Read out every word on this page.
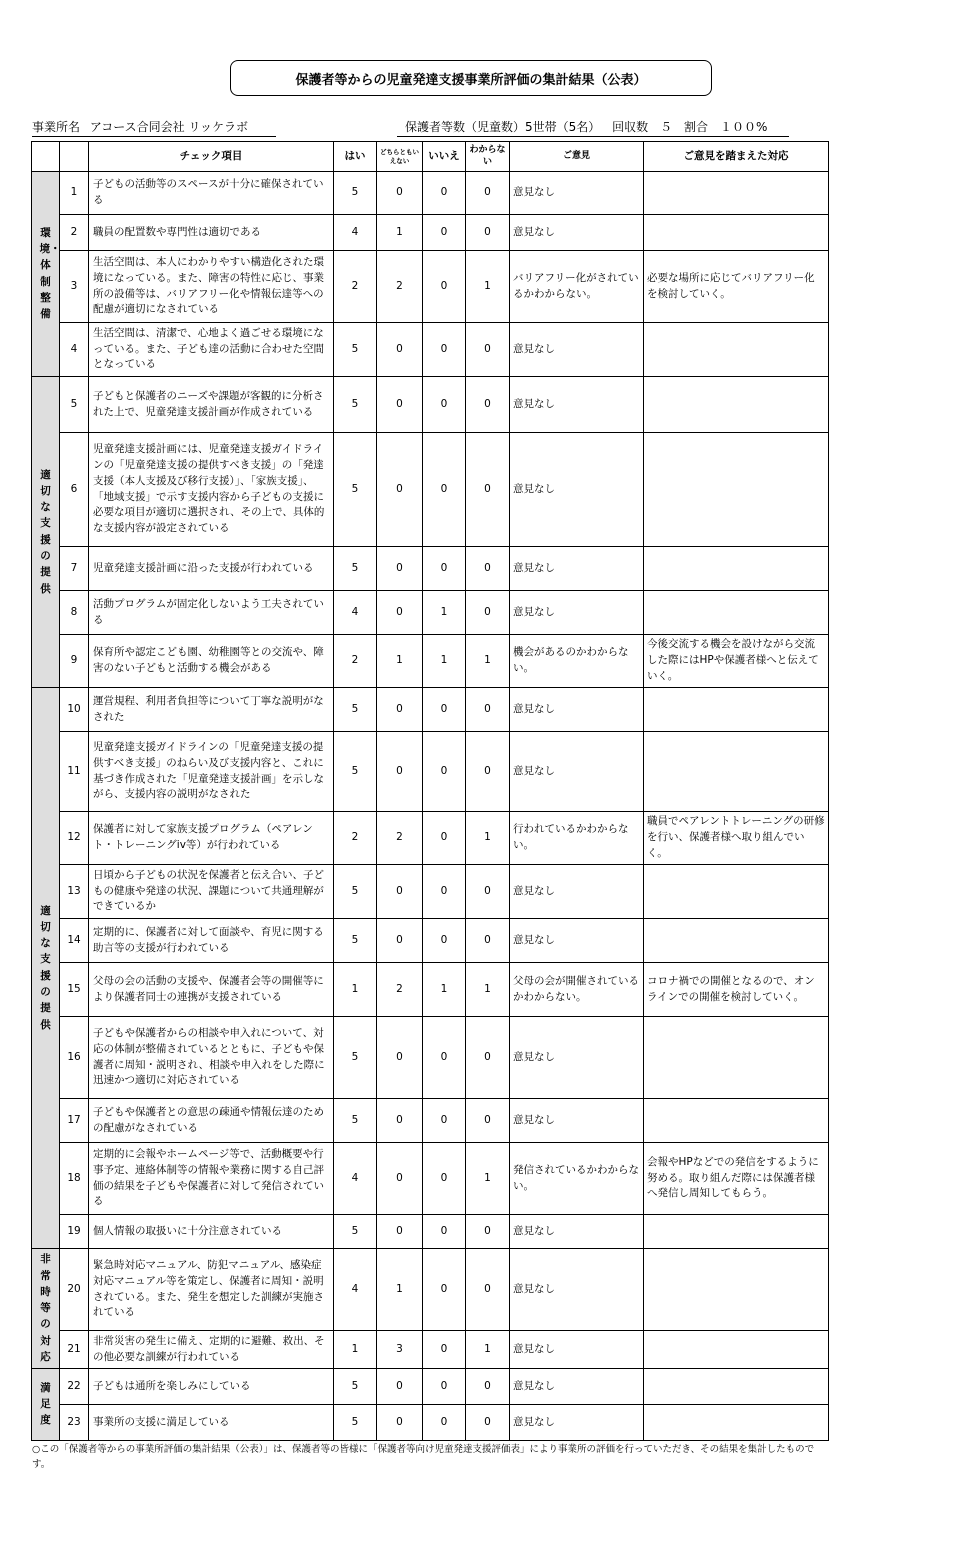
保護者等からの児童発達支援事業所評価の集計結果（公表）
事業所名 アコース合同会社 リッケラボ	保護者等数（児童数）5世帯（5名） 回収数　５ 割合　１００%
		チェック項目	はい	どちらともいえない	いいえ	わからない	ご意見	ご意見を踏まえた対応
環境・体制整備	1	子どもの活動等のスペースが十分に確保されている	5	0	0	0	意見なし	
	2	職員の配置数や専門性は適切である	4	1	0	0	意見なし	
	3	生活空間は、本人にわかりやすい構造化された環境になっている。また、障害の特性に応じ、事業所の設備等は、バリアフリー化や情報伝達等への配慮が適切になされている	2	2	0	1	バリアフリー化がされているかわからない。	必要な場所に応じてバリアフリー化を検討していく。
	4	生活空間は、清潔で、心地よく過ごせる環境になっている。また、子ども達の活動に合わせた空間となっている	5	0	0	0	意見なし	
適切な支援の提供	5	子どもと保護者のニーズや課題が客観的に分析された上で、児童発達支援計画が作成されている	5	0	0	0	意見なし	
	6	児童発達支援計画には、児童発達支援ガイドラインの「児童発達支援の提供すべき支援」の「発達支援（本人支援及び移行支援）」、「家族支援」、「地域支援」で示す支援内容から子どもの支援に必要な項目が適切に選択され、その上で、具体的な支援内容が設定されている	5	0	0	0	意見なし	
	7	児童発達支援計画に沿った支援が行われている	5	0	0	0	意見なし	
	8	活動プログラムが固定化しないよう工夫されている	4	0	1	0	意見なし	
	9	保育所や認定こども園、幼稚園等との交流や、障害のない子どもと活動する機会がある	2	1	1	1	機会があるのかわからない。	今後交流する機会を設けながら交流した際にはHPや保護者様へと伝えていく。
適切な支援の提供	10	運営規程、利用者負担等について丁寧な説明がなされた	5	0	0	0	意見なし	
	11	児童発達支援ガイドラインの「児童発達支援の提供すべき支援」のねらい及び支援内容と、これに基づき作成された「児童発達支援計画」を示しながら、支援内容の説明がなされた	5	0	0	0	意見なし	
	12	保護者に対して家族支援プログラム（ペアレント・トレーニングiv等）が行われている	2	2	0	1	行われているかわからない。	職員でペアレントトレーニングの研修を行い、保護者様へ取り組んでいく。
	13	日頃から子どもの状況を保護者と伝え合い、子どもの健康や発達の状況、課題について共通理解ができているか	5	0	0	0	意見なし	
	14	定期的に、保護者に対して面談や、育児に関する助言等の支援が行われている	5	0	0	0	意見なし	
	15	父母の会の活動の支援や、保護者会等の開催等により保護者同士の連携が支援されている	1	2	1	1	父母の会が開催されているかわからない。	コロナ禍での開催となるので、オンラインでの開催を検討していく。
	16	子どもや保護者からの相談や申入れについて、対応の体制が整備されているとともに、子どもや保護者に周知・説明され、相談や申入れをした際に迅速かつ適切に対応されている	5	0	0	0	意見なし	
	17	子どもや保護者との意思の疎通や情報伝達のための配慮がなされている	5	0	0	0	意見なし	
	18	定期的に会報やホームページ等で、活動概要や行事予定、連絡体制等の情報や業務に関する自己評価の結果を子どもや保護者に対して発信されている	4	0	0	1	発信されているかわからない。	会報やHPなどでの発信をするように努める。取り組んだ際には保護者様へ発信し周知してもらう。
	19	個人情報の取扱いに十分注意されている	5	0	0	0	意見なし	
非常時等の対応	20	緊急時対応マニュアル、防犯マニュアル、感染症対応マニュアル等を策定し、保護者に周知・説明されている。また、発生を想定した訓練が実施されている	4	1	0	0	意見なし	
	21	非常災害の発生に備え、定期的に避難、救出、その他必要な訓練が行われている	1	3	0	1	意見なし	
満足度	22	子どもは通所を楽しみにしている	5	0	0	0	意見なし	
	23	事業所の支援に満足している	5	0	0	0	意見なし	
○この「保護者等からの事業所評価の集計結果（公表）」は、保護者等の皆様に「保護者等向け児童発達支援評価表」により事業所の評価を行っていただき、その結果を集計したものです。
